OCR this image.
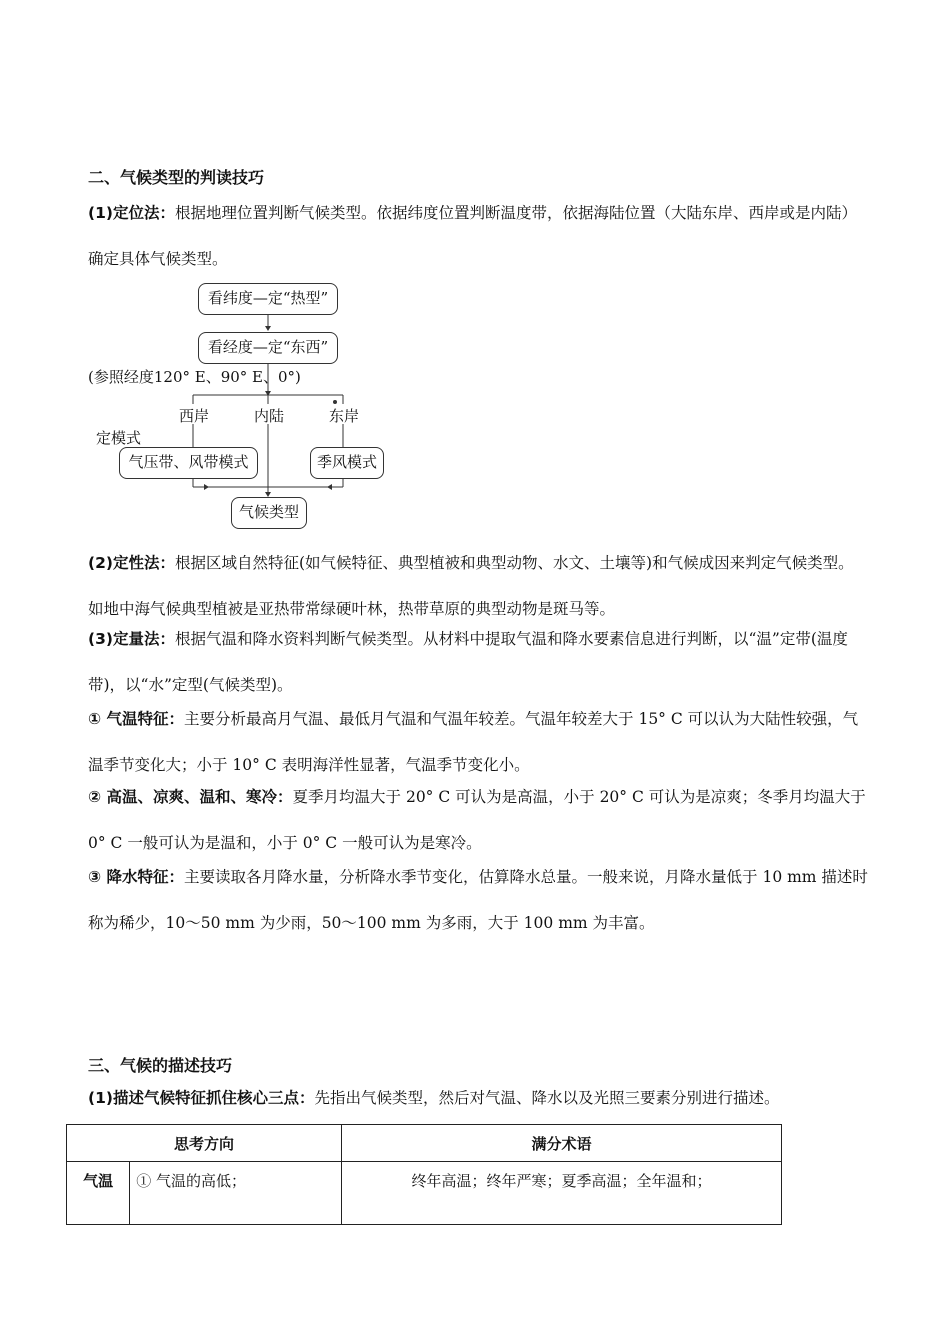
二、气候类型的判读技巧
(1)定位法：根据地理位置判断气候类型。依据纬度位置判断温度带，依据海陆位置（大陆东岸、西岸或是内陆）确定具体气候类型。
看纬度—定“热型”
看经度—定“东西”
(参照经度120° E、90° E、0°)
西岸	内陆	东岸
定模式
气压带、风带模式	季风模式
气候类型
(2)定性法：根据区域自然特征(如气候特征、典型植被和典型动物、水文、土壤等)和气候成因来判定气候类型。如地中海气候典型植被是亚热带常绿硬叶林，热带草原的典型动物是斑马等。
(3)定量法：根据气温和降水资料判断气候类型。从材料中提取气温和降水要素信息进行判断，以“温”定带(温度带)，以“水”定型(气候类型)。
① 气温特征：主要分析最高月气温、最低月气温和气温年较差。气温年较差大于 15° C 可以认为大陆性较强，气温季节变化大；小于 10° C 表明海洋性显著，气温季节变化小。
② 高温、凉爽、温和、寒冷：夏季月均温大于 20° C 可认为是高温，小于 20° C 可认为是凉爽；冬季月均温大于 0° C 一般可认为是温和，小于 0° C 一般可认为是寒冷。
③ 降水特征：主要读取各月降水量，分析降水季节变化，估算降水总量。一般来说，月降水量低于 10 mm 描述时称为稀少，10～50 mm 为少雨，50～100 mm 为多雨，大于 100 mm 为丰富。
三、气候的描述技巧
(1)描述气候特征抓住核心三点：先指出气候类型，然后对气温、降水以及光照三要素分别进行描述。
思考方向		满分术语
气温	① 气温的高低；	终年高温；终年严寒；夏季高温；全年温和；
